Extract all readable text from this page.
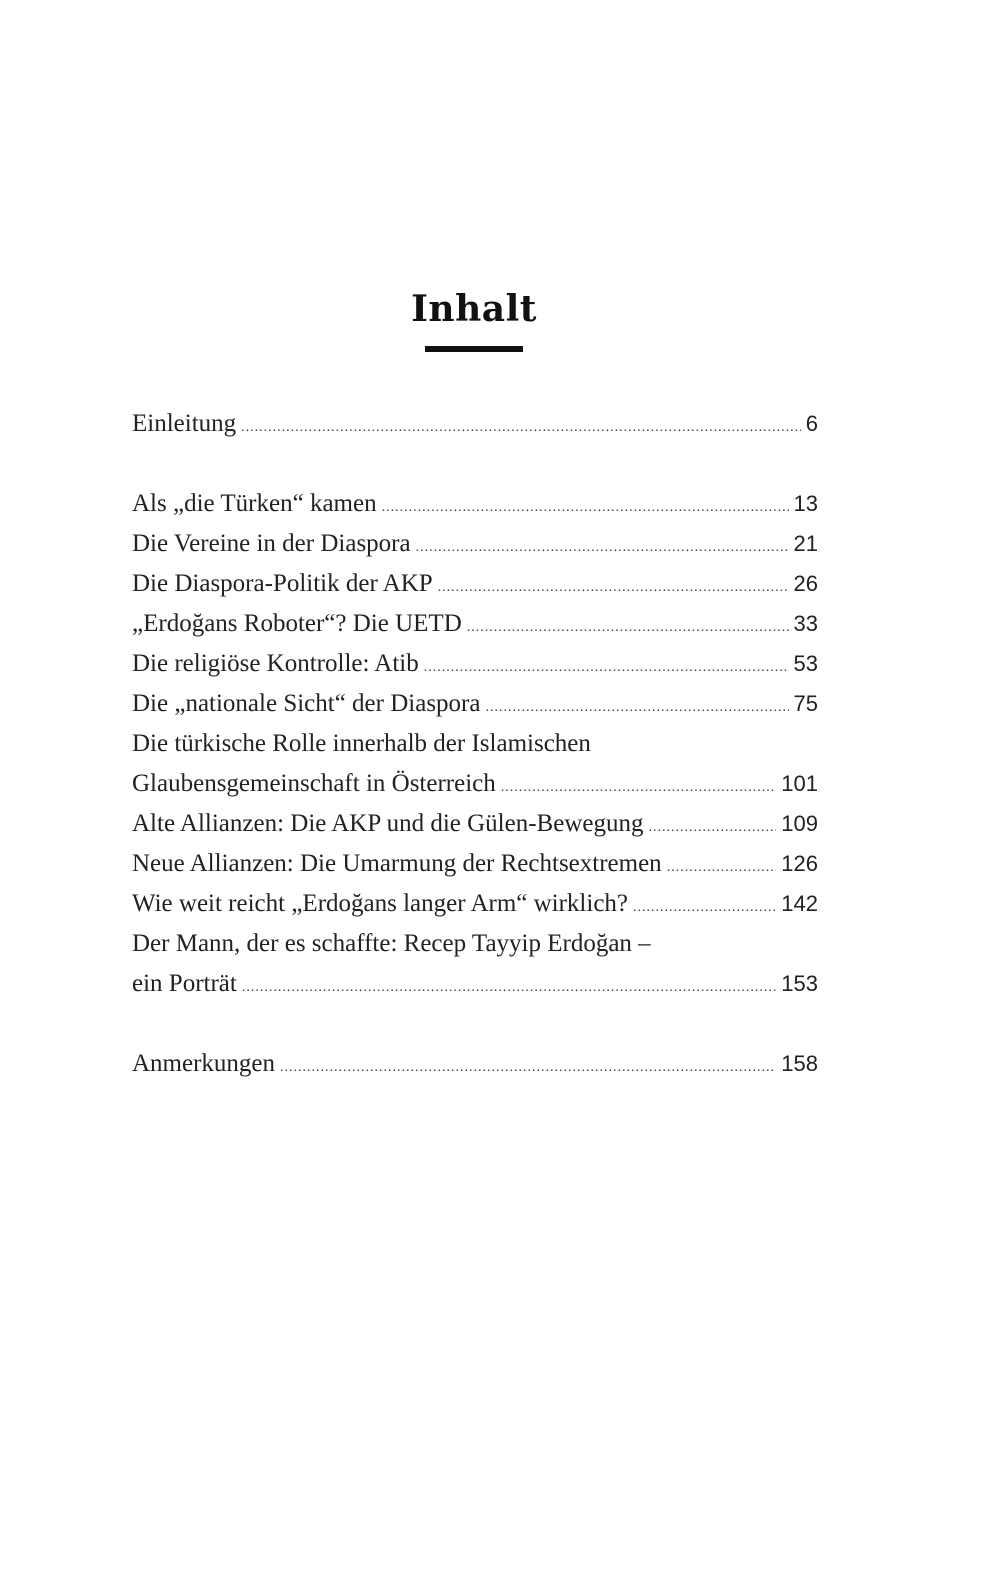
Inhalt
Einleitung .....	6
Als „die Türken“ kamen .....	13
Die Vereine in der Diaspora .....	21
Die Diaspora-Politik der AKP .....	26
„Erdoğans Roboter“? Die UETD .....	33
Die religiöse Kontrolle: Atib .....	53
Die „nationale Sicht“ der Diaspora .....	75
Die türkische Rolle innerhalb der Islamischen
Glaubensgemeinschaft in Österreich .....	101
Alte Allianzen: Die AKP und die Gülen-Bewegung .....	109
Neue Allianzen: Die Umarmung der Rechtsextremen .....	126
Wie weit reicht „Erdoğans langer Arm“ wirklich? .....	142
Der Mann, der es schaffte: Recep Tayyip Erdoğan –
ein Porträt .....	153
Anmerkungen .....	158
